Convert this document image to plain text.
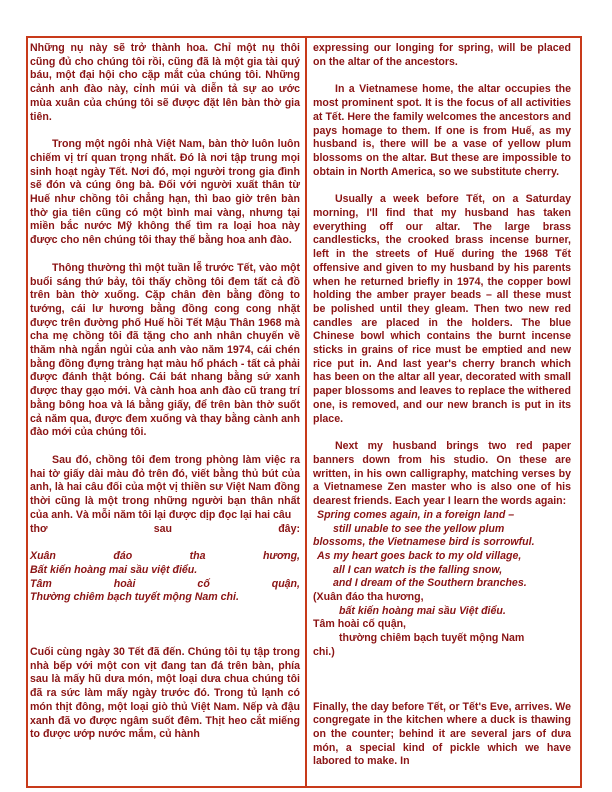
Những nụ này sẽ trở thành hoa. Chỉ một nụ thôi cũng đủ cho chúng tôi rồi, cũng đã là một gia tài quý báu, một đại hội cho cặp mắt của chúng tôi. Những cảnh anh đào này, cỉnh múi và diễn tả sự ao ước mùa xuân của chúng tôi sẽ được đặt lên bàn thờ gia tiên.

Trong một ngôi nhà Việt Nam, bàn thờ luôn luôn chiếm vị trí quan trọng nhất. Đó là nơi tập trung mọi sinh hoạt ngày Tết. Nơi đó, mọi người trong gia đình sẽ đón và cúng ông bà. Đối với người xuất thân từ Huế như chồng tôi chẳng hạn, thì bao giờ trên bàn thờ gia tiên cũng có một bình mai vàng, nhưng tại miền bắc nước Mỹ không thể tìm ra loại hoa này được cho nên chúng tôi thay thế bằng hoa anh đào.

Thông thường thì một tuần lễ trước Tết, vào một buổi sáng thứ bảy, tôi thấy chồng tôi đem tất cả đồ trên bàn thờ xuống. Cặp chân đèn bằng đồng to tướng, cái lư hương bằng đồng cong cong nhặt được trên đường phố Huế hồi Tết Mậu Thân 1968 mà cha mẹ chồng tôi đã tặng cho anh nhân chuyến về thăm nhà ngắn ngủi của anh vào năm 1974, cái chén bằng đồng đựng tràng hạt màu hổ phách - tất cả phải được đánh thật bóng. Cái bát nhang bằng sứ xanh được thay gạo mới. Và cành hoa anh đào cũ trang trí bằng bông hoa và lá bằng giấy, để trên bàn thờ suốt cả năm qua, được đem xuống và thay bằng cành anh đào mới của chúng tôi.

Sau đó, chồng tôi đem trong phòng làm việc ra hai tờ giấy dài màu đỏ trên đó, viết bằng thủ bút của anh, là hai câu đối của một vị thiền sư Việt Nam đồng thời cũng là một trong những người bạn thân nhất của anh. Và mỗi năm tôi lại được dịp đọc lại hai câu

thơ	sau	đây:
Xuân	đáo	tha	hương,

Bất kiến hoàng mai sầu việt điểu.

Tâm	hoài	cố	quận,

Thường chiêm bạch tuyết mộng Nam chi.

Cuối cùng ngày 30 Tết đã đến. Chúng tôi tụ tập trong nhà bếp với một con vịt đang tan đá trên bàn, phía sau là mấy hũ dưa món, một loại dưa chua chúng tôi đã ra sức làm mấy ngày trước đó. Trong tủ lạnh có món thịt đông, một loại giò thủ Việt Nam. Nếp và đậu xanh đã vo được ngâm suốt đêm. Thịt heo cắt miếng to được ướp nước mắm, củ hành

expressing our longing for spring, will be placed on the altar of the ancestors.

In a Vietnamese home, the altar occupies the most prominent spot. It is the focus of all activities at Tết. Here the family welcomes the ancestors and pays homage to them. If one is from Huế, as my husband is, there will be a vase of yellow plum blossoms on the altar. But these are impossible to obtain in North America, so we substitute cherry.

Usually a week before Tết, on a Saturday morning, I'll find that my husband has taken everything off our altar. The large brass candlesticks, the crooked brass incense burner, left in the streets of Huế during the 1968 Tết offensive and given to my husband by his parents when he returned briefly in 1974, the copper bowl holding the amber prayer beads – all these must be polished until they gleam. Then two new red candles are placed in the holders. The blue Chinese bowl which contains the burnt incense sticks in grains of rice must be emptied and new rice put in. And last year's cherry branch which has been on the altar all year, decorated with small paper blossoms and leaves to replace the withered one, is removed, and our new branch is put in its place.

Next my husband brings two red paper banners down from his studio. On these are written, in his own calligraphy, matching verses by a Vietnamese Zen master who is also one of his dearest friends. Each year I learn the words again:

Spring comes again, in a foreign land –

still unable to see the yellow plum

blossoms, the Vietnamese bird is sorrowful.

As my heart goes back to my old village,

all I can watch is the falling snow,

and I dream of the Southern branches.

(Xuân đáo tha hương,

bất kiến hoàng mai sầu Việt điểu.

Tâm hoài cố quận,

thường chiêm bạch tuyết mộng Nam

chi.)

Finally, the day before Tết, or Tết's Eve, arrives. We congregate in the kitchen where a duck is thawing on the counter; behind it are several jars of dưa món, a special kind of pickle which we have labored to make. In
